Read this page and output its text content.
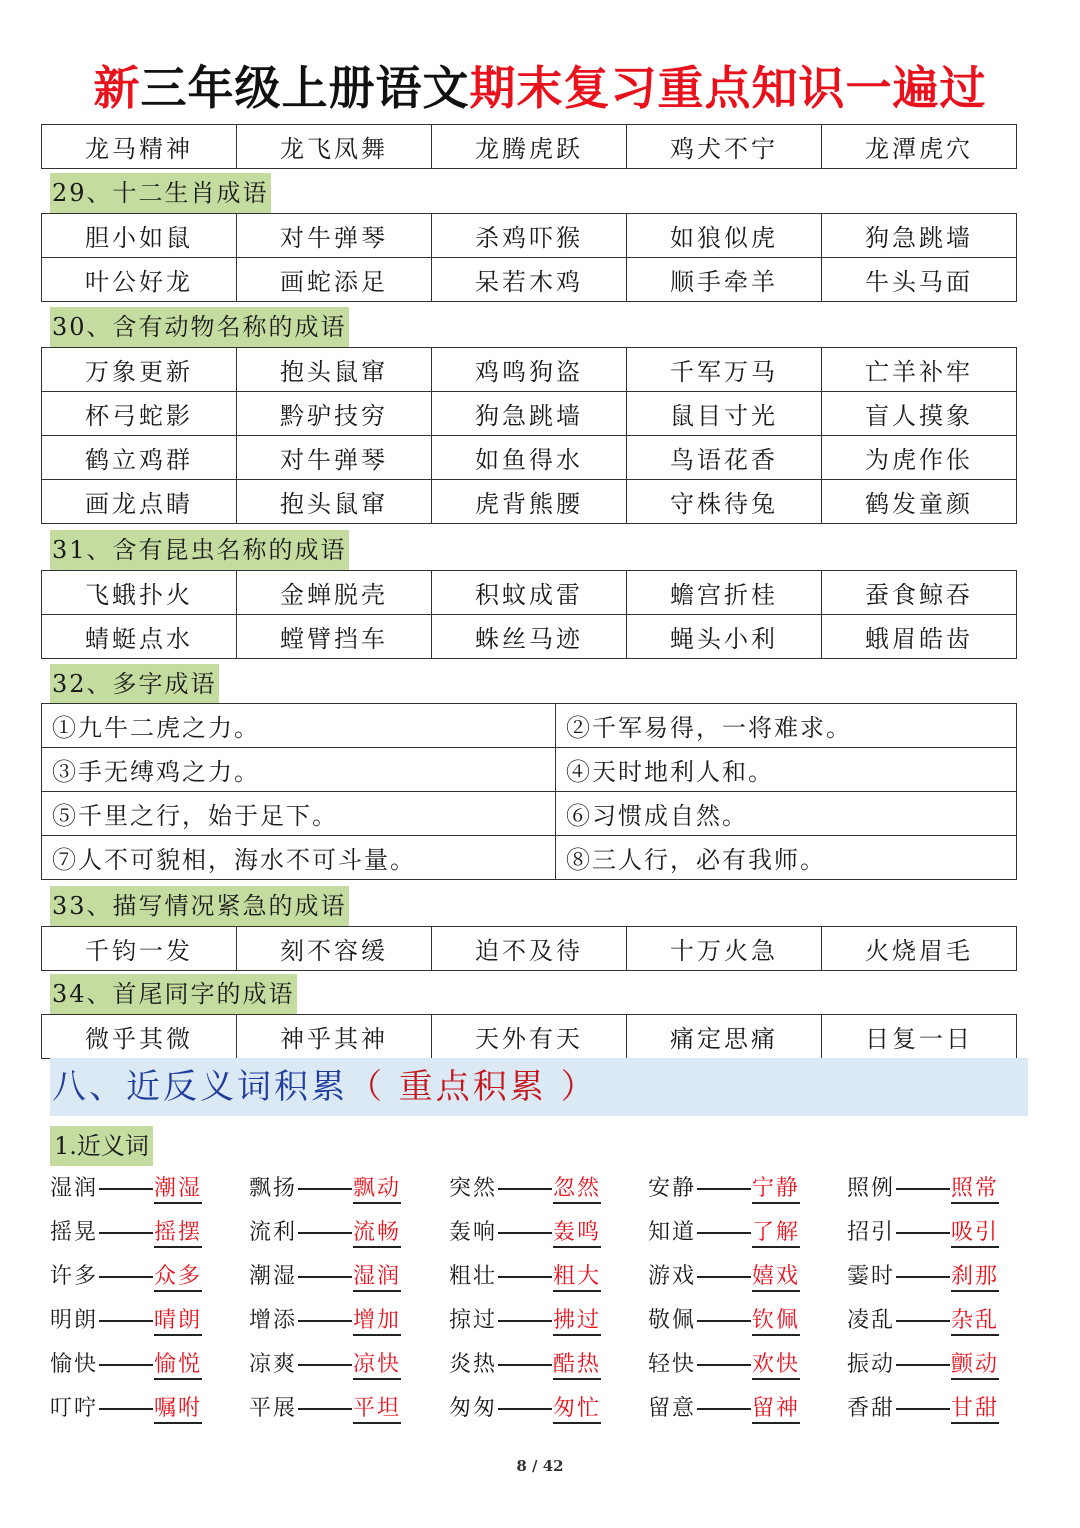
新三年级上册语文期末复习重点知识一遍过
龙马精神	龙飞凤舞	龙腾虎跃	鸡犬不宁	龙潭虎穴
29、十二生肖成语
胆小如鼠	对牛弹琴	杀鸡吓猴	如狼似虎	狗急跳墙
叶公好龙	画蛇添足	呆若木鸡	顺手牵羊	牛头马面
30、含有动物名称的成语
万象更新	抱头鼠窜	鸡鸣狗盗	千军万马	亡羊补牢
杯弓蛇影	黔驴技穷	狗急跳墙	鼠目寸光	盲人摸象
鹤立鸡群	对牛弹琴	如鱼得水	鸟语花香	为虎作伥
画龙点睛	抱头鼠窜	虎背熊腰	守株待兔	鹤发童颜
31、含有昆虫名称的成语
飞蛾扑火	金蝉脱壳	积蚊成雷	蟾宫折桂	蚕食鲸吞
蜻蜓点水	螳臂挡车	蛛丝马迹	蝇头小利	蛾眉皓齿
32、多字成语
①九牛二虎之力。	②千军易得，一将难求。
③手无缚鸡之力。	④天时地利人和。
⑤千里之行，始于足下。	⑥习惯成自然。
⑦人不可貌相，海水不可斗量。	⑧三人行，必有我师。
33、描写情况紧急的成语
千钧一发	刻不容缓	迫不及待	十万火急	火烧眉毛
34、首尾同字的成语
微乎其微	神乎其神	天外有天	痛定思痛	日复一日
八、近反义词积累（ 重点积累 ）
1.近义词
湿润	潮湿 飘扬	飘动 突然	忽然 安静	宁静 照例	照常
摇晃	摇摆 流利	流畅 轰响	轰鸣 知道	了解 招引	吸引
许多	众多 潮湿	湿润 粗壮	粗大 游戏	嬉戏 霎时	刹那
明朗	晴朗 增添	增加 掠过	拂过 敬佩	钦佩 凌乱	杂乱
愉快	愉悦 凉爽	凉快 炎热	酷热 轻快	欢快 振动	颤动
叮咛	嘱咐 平展	平坦 匆匆	匆忙 留意	留神 香甜	甘甜
8 / 42
